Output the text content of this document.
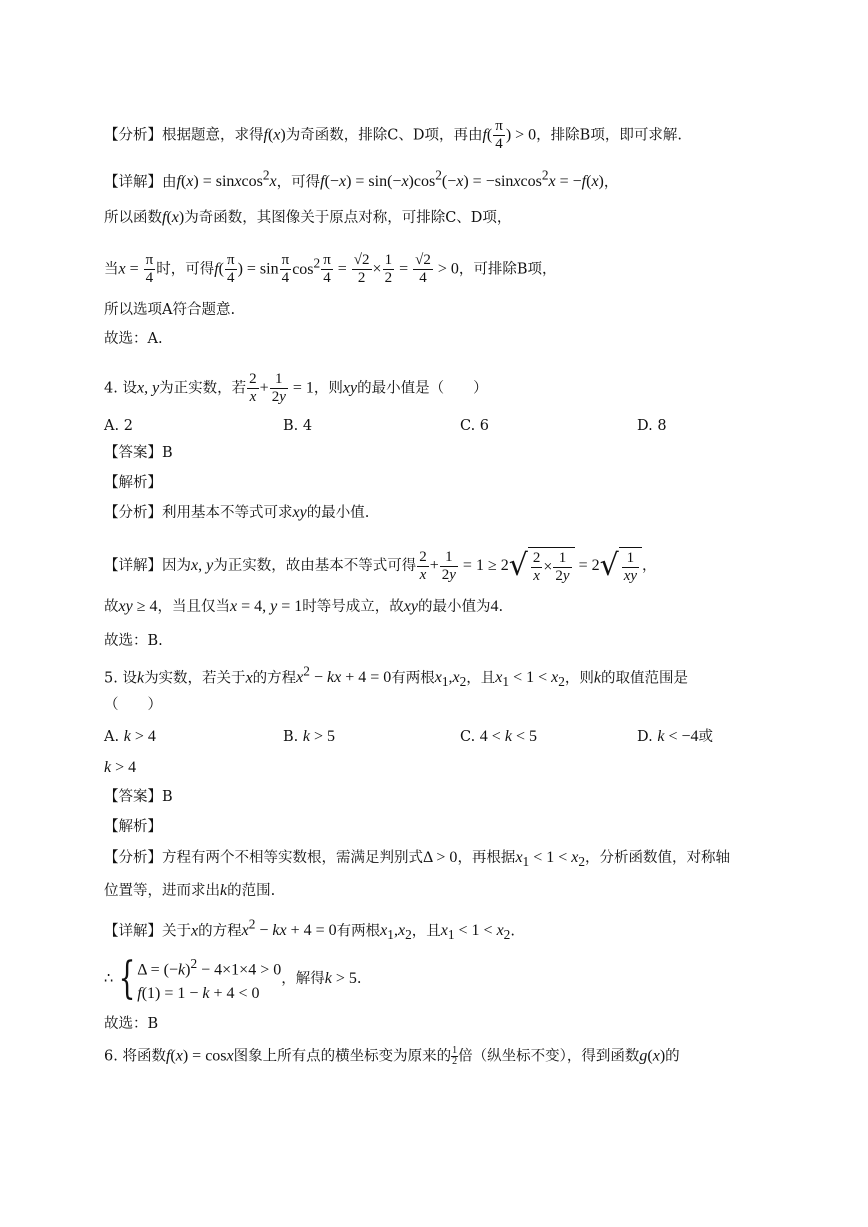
【分析】根据题意，求得f(x)为奇函数，排除C、D项，再由$f( \frac{\pi}{4}$ ) > 0，排除B项，即可求解.
【详解】由f(x) = sinxcos$^2$x，可得$f(-x) = \sin(-x)\cos^2(-x)$ = −sinxcos$^2$x = −f(x)，
所以函数f(x)为奇函数，其图像关于原点对称，可排除C、D项，
当$x = \frac{\pi}{4}$ 时，可得$f( \frac{\pi}{4}$ ) = $\sin \frac{\pi}{4} \cos^2 \frac{\pi}{4} = \frac{√2}{2} \times \frac{1}{2} = \frac{√2}{4} > 0$，可排除B项，
所以选项A符合题意.
故选：A.
4. 设x, y为正实数，若 $\frac{2}{x} + \frac{1}{2y} = 1$，则xy的最小值是（　　）
A. 2	B. 4	C. 6	D. 8
【答案】B
【解析】
【分析】利用基本不等式可求xy的最小值.
【详解】因为x, y为正实数，故由基本不等式可得 $\frac{2}{x} + \frac{1}{2y} = 1 \ge 2√ \frac{2}{x} \times \frac{1}{2y} = 2√ \frac{1}{xy}$ ，
故xy ≥ 4，当且仅当x = 4, y = 1时等号成立，故xy的最小值为4.
故选：B.
5. 设k为实数，若关于x的方程$x^2$ − kx + 4 = 0有两根$x_1,x_2$，且$x_1 < 1 < x_2$，则k的取值范围是
（　　）
A. k > 4	B. k > 5	C. 4 < k < 5	D. k < −4或
k > 4
【答案】B
【解析】
【分析】方程有两个不相等实数根，需满足判别式Δ > 0，再根据$x_1 < 1 < x_2$，分析函数值，对称轴
位置等，进而求出k的范围.
【详解】关于x的方程$x^2$ − kx + 4 = 0有两根$x_1,x_2$，且$x_1 < 1 < x_2$.
∴ { $\Delta = (-k)^2 - 4\times 1\times 4 > 0$
f(1) = 1 − k + 4 < 0
，解得k > 5.
故选：B
6. 将函数f(x) = cosx图象上所有点的横坐标变为原来的 $\frac{1}{2}$ 倍（纵坐标不变），得到函数g(x)的
